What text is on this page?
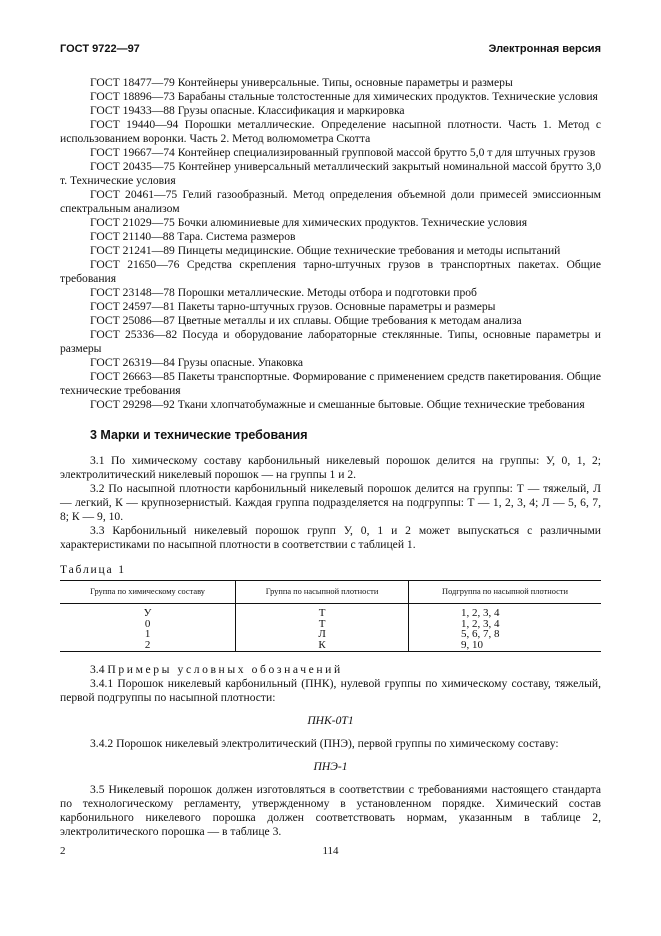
ГОСТ 9722—97	Электронная версия

ГОСТ 18477—79 Контейнеры универсальные. Типы, основные параметры и размеры

ГОСТ 18896—73 Барабаны стальные толстостенные для химических продуктов. Технические условия

ГОСТ 19433—88 Грузы опасные. Классификация и маркировка

ГОСТ 19440—94 Порошки металлические. Определение насыпной плотности. Часть 1. Метод с использованием воронки. Часть 2. Метод волюмометра Скотта

ГОСТ 19667—74 Контейнер специализированный групповой массой брутто 5,0 т для штучных грузов

ГОСТ 20435—75 Контейнер универсальный металлический закрытый номинальной массой брутто 3,0 т. Технические условия

ГОСТ 20461—75 Гелий газообразный. Метод определения объемной доли примесей эмиссионным спектральным анализом

ГОСТ 21029—75 Бочки алюминиевые для химических продуктов. Технические условия

ГОСТ 21140—88 Тара. Система размеров

ГОСТ 21241—89 Пинцеты медицинские. Общие технические требования и методы испытаний

ГОСТ 21650—76 Средства скрепления тарно-штучных грузов в транспортных пакетах. Общие требования

ГОСТ 23148—78 Порошки металлические. Методы отбора и подготовки проб

ГОСТ 24597—81 Пакеты тарно-штучных грузов. Основные параметры и размеры

ГОСТ 25086—87 Цветные металлы и их сплавы. Общие требования к методам анализа

ГОСТ 25336—82 Посуда и оборудование лабораторные стеклянные. Типы, основные параметры и размеры

ГОСТ 26319—84 Грузы опасные. Упаковка

ГОСТ 26663—85 Пакеты транспортные. Формирование с применением средств пакетирования. Общие технические требования

ГОСТ 29298—92 Ткани хлопчатобумажные и смешанные бытовые. Общие технические требования

3 Марки и технические требования

3.1 По химическому составу карбонильный никелевый порошок делится на группы: У, 0, 1, 2; электролитический никелевый порошок — на группы 1 и 2.

3.2 По насыпной плотности карбонильный никелевый порошок делится на группы: Т — тяжелый, Л — легкий, К — крупнозернистый. Каждая группа подразделяется на подгруппы: Т — 1, 2, 3, 4; Л — 5, 6, 7, 8; К — 9, 10.

3.3 Карбонильный никелевый порошок групп У, 0, 1 и 2 может выпускаться с различными характеристиками по насыпной плотности в соответствии с таблицей 1.

Таблица 1
Группа по химическому составу	Группа по насыпной плотности	Подгруппа по насыпной плотности
У	Т	1, 2, 3, 4
0	Т	1, 2, 3, 4
1	Л	5, 6, 7, 8
2	К	9, 10

3.4 Примеры условных обозначений

3.4.1 Порошок никелевый карбонильный (ПНК), нулевой группы по химическому составу, тяжелый, первой подгруппы по насыпной плотности:

ПНК-0Т1

3.4.2 Порошок никелевый электролитический (ПНЭ), первой группы по химическому составу:

ПНЭ-1

3.5 Никелевый порошок должен изготовляться в соответствии с требованиями настоящего стандарта по технологическому регламенту, утвержденному в установленном порядке. Химический состав карбонильного никелевого порошка должен соответствовать нормам, указанным в таблице 2, электролитического порошка — в таблице 3.

2	114
